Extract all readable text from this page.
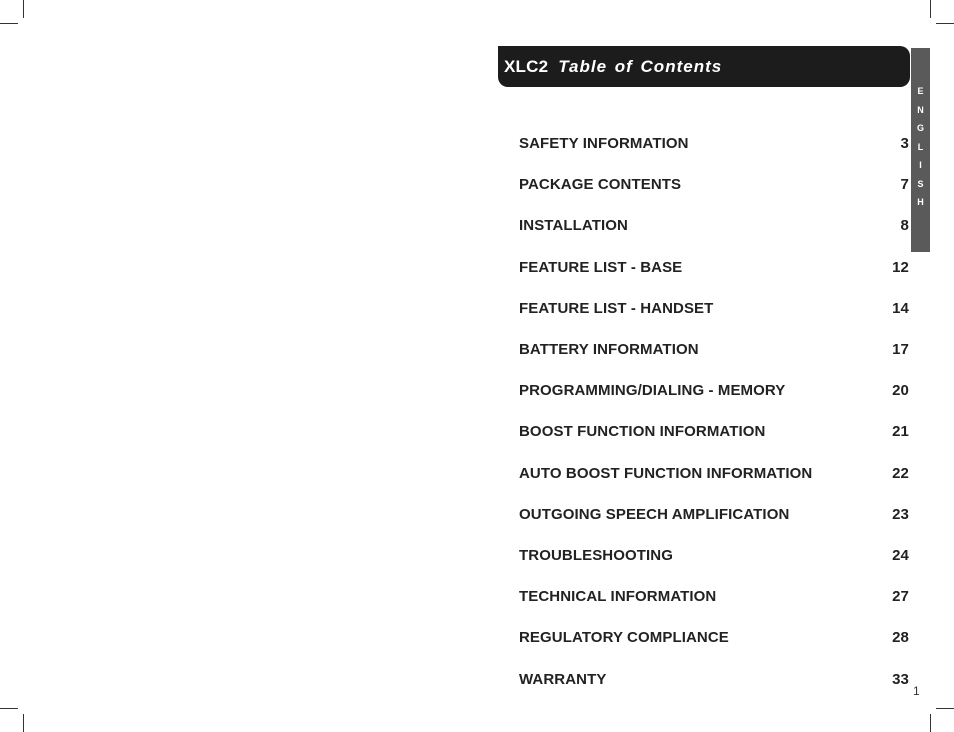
XLC2 Table of Contents
E
N
G
L
I
S
H
SAFETY INFORMATION	3
PACKAGE CONTENTS	7
INSTALLATION	8
FEATURE LIST - BASE	12
FEATURE LIST - HANDSET	14
BATTERY INFORMATION	17
PROGRAMMING/DIALING - MEMORY	20
BOOST FUNCTION INFORMATION	21
AUTO BOOST FUNCTION INFORMATION	22
OUTGOING SPEECH AMPLIFICATION	23
TROUBLESHOOTING	24
TECHNICAL INFORMATION	27
REGULATORY COMPLIANCE	28
WARRANTY	33
1
